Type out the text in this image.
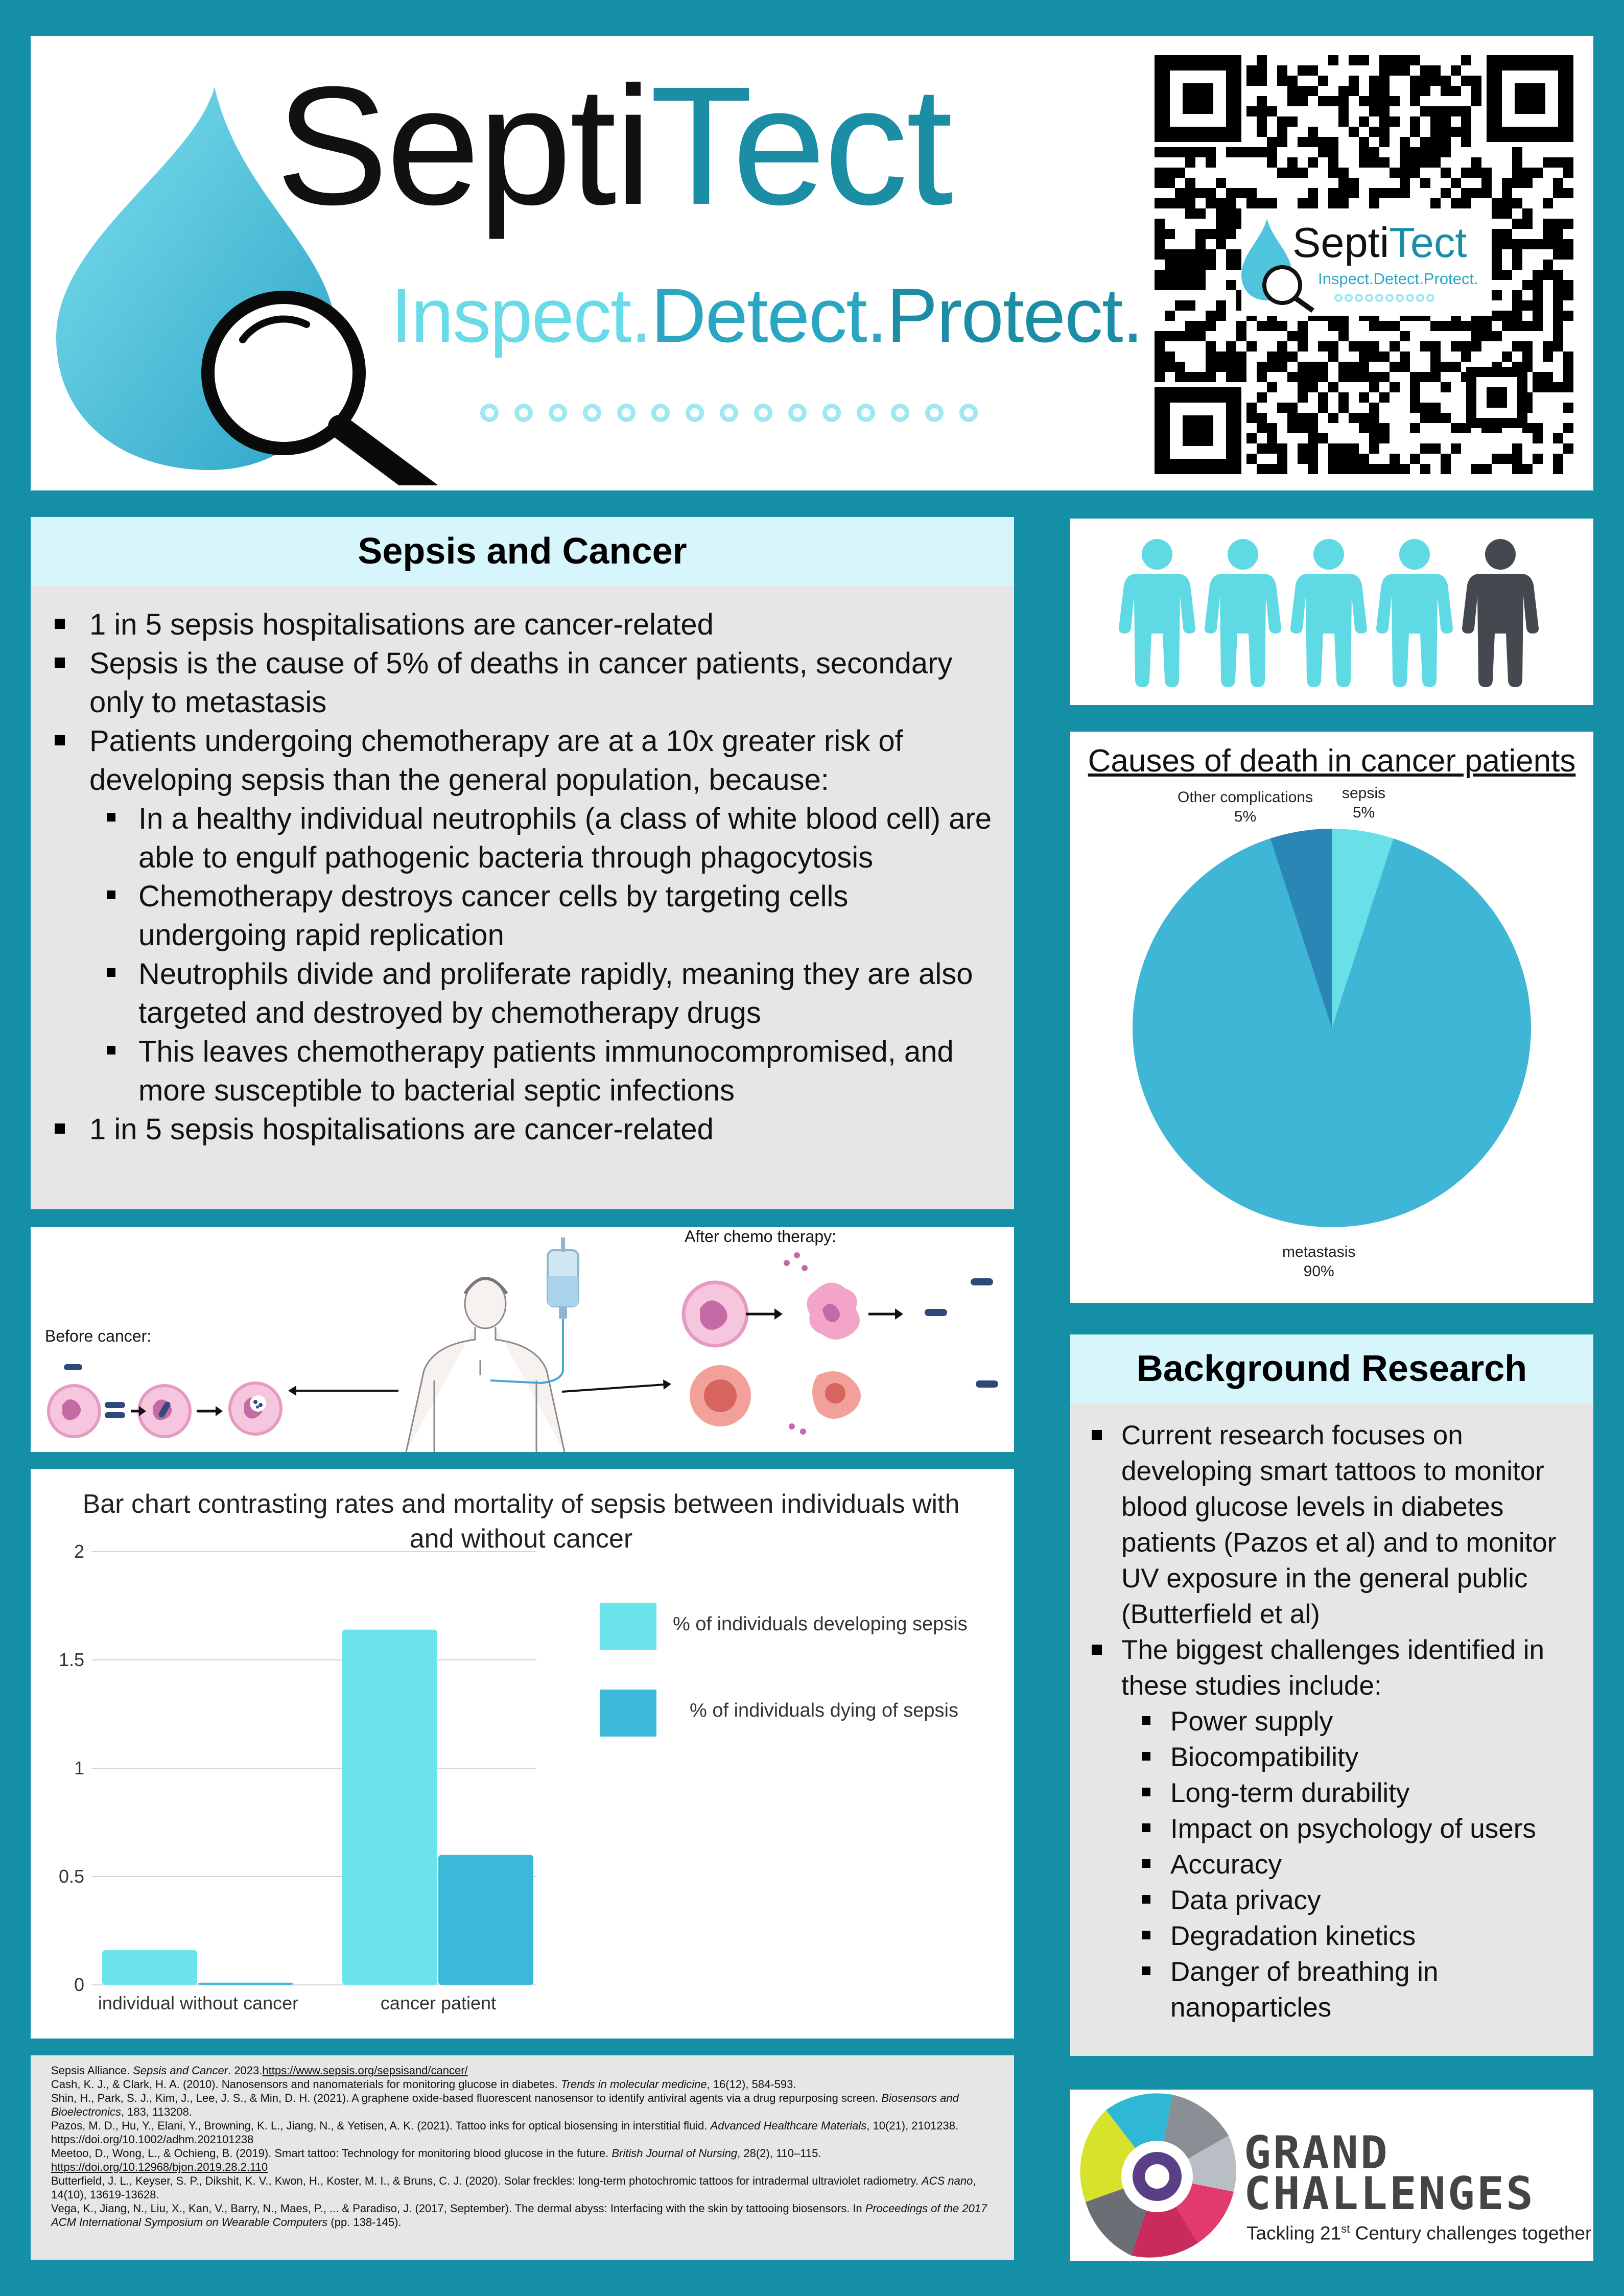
SeptiTect
Inspect.Detect.Protect.
SeptiTect
Inspect.Detect.Protect.
Sepsis and Cancer
1 in 5 sepsis hospitalisations are cancer-related
Sepsis is the cause of 5% of deaths in cancer patients, secondary only to metastasis
Patients undergoing chemotherapy are at a 10x greater risk of developing sepsis than the general population, because:
In a healthy individual neutrophils (a class of white blood cell) are able to engulf pathogenic bacteria through phagocytosis
Chemotherapy destroys cancer cells by targeting cells undergoing rapid replication
Neutrophils divide and proliferate rapidly, meaning they are also targeted and destroyed by chemotherapy drugs
This leaves chemotherapy patients immunocompromised, and more susceptible to bacterial septic infections
1 in 5 sepsis hospitalisations are cancer-related
Causes of death in cancer patients
Other complications
5%
sepsis
5%
metastasis
90%
Before cancer:
After chemo therapy:
Bar chart contrasting rates and mortality of sepsis between individuals with and without cancer
0
0.5
1
1.5
2
individual without cancer	cancer patient
% of individuals developing sepsis
% of individuals dying of sepsis
Background Research
Current research focuses on developing smart tattoos to monitor blood glucose levels in diabetes patients (Pazos et al) and to monitor UV exposure in the general public (Butterfield et al)
The biggest challenges identified in these studies include:
Power supply
Biocompatibility
Long-term durability
Impact on psychology of users
Accuracy
Data privacy
Degradation kinetics
Danger of breathing in nanoparticles

Sepsis Alliance. Sepsis and Cancer. 2023.https://www.sepsis.org/sepsisand/cancer/

Cash, K. J., & Clark, H. A. (2010). Nanosensors and nanomaterials for monitoring glucose in diabetes. Trends in molecular medicine, 16(12), 584-593.

Shin, H., Park, S. J., Kim, J., Lee, J. S., & Min, D. H. (2021). A graphene oxide-based fluorescent nanosensor to identify antiviral agents via a drug repurposing screen. Biosensors and Bioelectronics, 183, 113208.

Pazos, M. D., Hu, Y., Elani, Y., Browning, K. L., Jiang, N., & Yetisen, A. K. (2021). Tattoo inks for optical biosensing in interstitial fluid. Advanced Healthcare Materials, 10(21), 2101238. https://doi.org/10.1002/adhm.202101238

Meetoo, D., Wong, L., & Ochieng, B. (2019). Smart tattoo: Technology for monitoring blood glucose in the future. British Journal of Nursing, 28(2), 110–115.
https://doi.org/10.12968/bjon.2019.28.2.110

Butterfield, J. L., Keyser, S. P., Dikshit, K. V., Kwon, H., Koster, M. I., & Bruns, C. J. (2020). Solar freckles: long-term photochromic tattoos for intradermal ultraviolet radiometry. ACS nano, 14(10), 13619-13628.

Vega, K., Jiang, N., Liu, X., Kan, V., Barry, N., Maes, P., ... & Paradiso, J. (2017, September). The dermal abyss: Interfacing with the skin by tattooing biosensors. In Proceedings of the 2017 ACM International Symposium on Wearable Computers (pp. 138-145).

GRAND
CHALLENGES
Tackling 21st Century challenges together
